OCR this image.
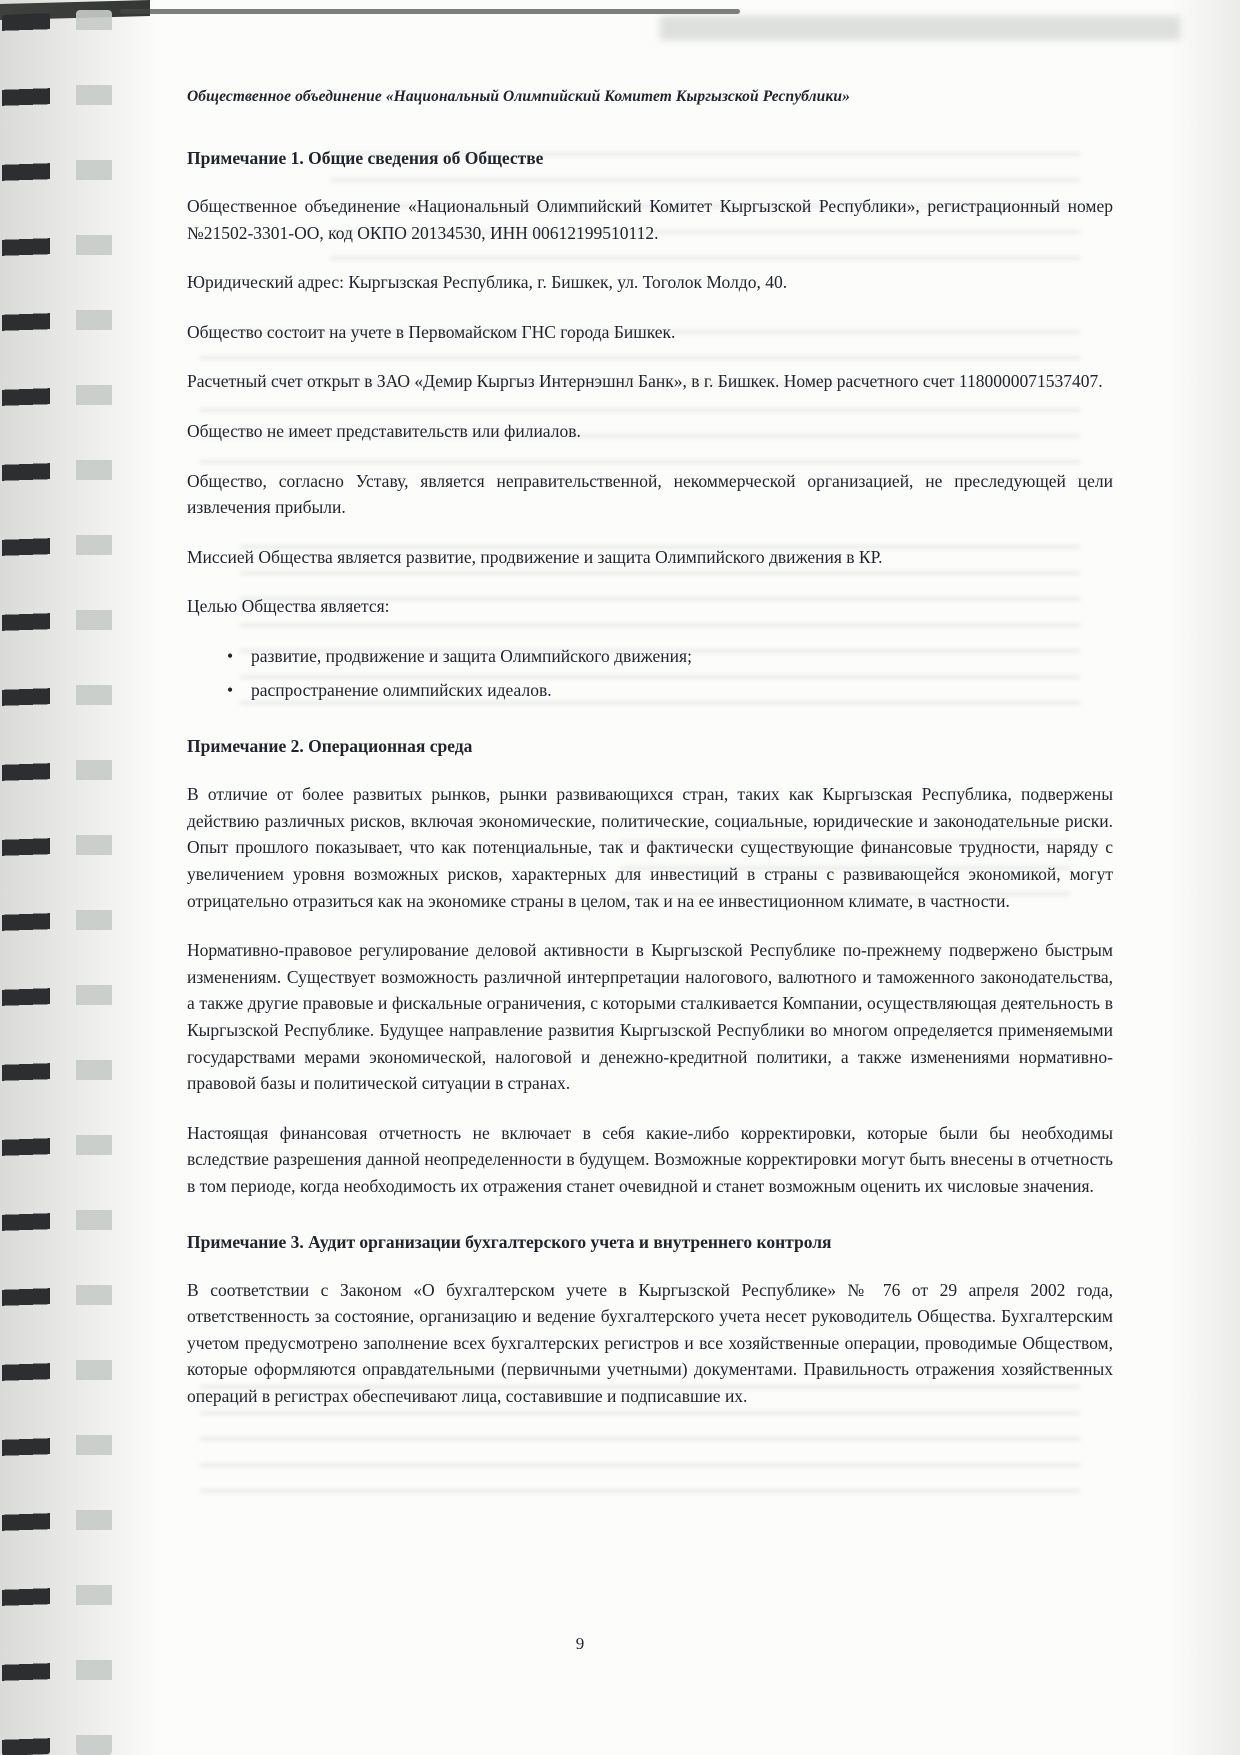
Общественное объединение «Национальный Олимпийский Комитет Кыргызской Республики»
Примечание 1. Общие сведения об Обществе

Общественное объединение «Национальный Олимпийский Комитет Кыргызской Республики», регистрационный номер №21502-3301-ОО, код ОКПО 20134530, ИНН 00612199510112.

Юридический адрес: Кыргызская Республика, г. Бишкек, ул. Тоголок Молдо, 40.

Общество состоит на учете в Первомайском ГНС города Бишкек.

Расчетный счет открыт в ЗАО «Демир Кыргыз Интернэшнл Банк», в г. Бишкек. Номер расчетного счет 1180000071537407.

Общество не имеет представительств или филиалов.

Общество, согласно Уставу, является неправительственной, некоммерческой организацией, не преследующей цели извлечения прибыли.

Миссией Общества является развитие, продвижение и защита Олимпийского движения в КР.

Целью Общества является:

• развитие, продвижение и защита Олимпийского движения;
• распространение олимпийских идеалов.
Примечание 2. Операционная среда

В отличие от более развитых рынков, рынки развивающихся стран, таких как Кыргызская Республика, подвержены действию различных рисков, включая экономические, политические, социальные, юридические и законодательные риски. Опыт прошлого показывает, что как потенциальные, так и фактически существующие финансовые трудности, наряду с увеличением уровня возможных рисков, характерных для инвестиций в страны с развивающейся экономикой, могут отрицательно отразиться как на экономике страны в целом, так и на ее инвестиционном климате, в частности.

Нормативно-правовое регулирование деловой активности в Кыргызской Республике по-прежнему подвержено быстрым изменениям. Существует возможность различной интерпретации налогового, валютного и таможенного законодательства, а также другие правовые и фискальные ограничения, с которыми сталкивается Компании, осуществляющая деятельность в Кыргызской Республике. Будущее направление развития Кыргызской Республики во многом определяется применяемыми государствами мерами экономической, налоговой и денежно-кредитной политики, а также изменениями нормативно-правовой базы и политической ситуации в странах.

Настоящая финансовая отчетность не включает в себя какие-либо корректировки, которые были бы необходимы вследствие разрешения данной неопределенности в будущем. Возможные корректировки могут быть внесены в отчетность в том периоде, когда необходимость их отражения станет очевидной и станет возможным оценить их числовые значения.

Примечание 3. Аудит организации бухгалтерского учета и внутреннего контроля

В соответствии с Законом «О бухгалтерском учете в Кыргызской Республике» № 76 от 29 апреля 2002 года, ответственность за состояние, организацию и ведение бухгалтерского учета несет руководитель Общества. Бухгалтерским учетом предусмотрено заполнение всех бухгалтерских регистров и все хозяйственные операции, проводимые Обществом, которые оформляются оправдательными (первичными учетными) документами. Правильность отражения хозяйственных операций в регистрах обеспечивают лица, составившие и подписавшие их.

9
